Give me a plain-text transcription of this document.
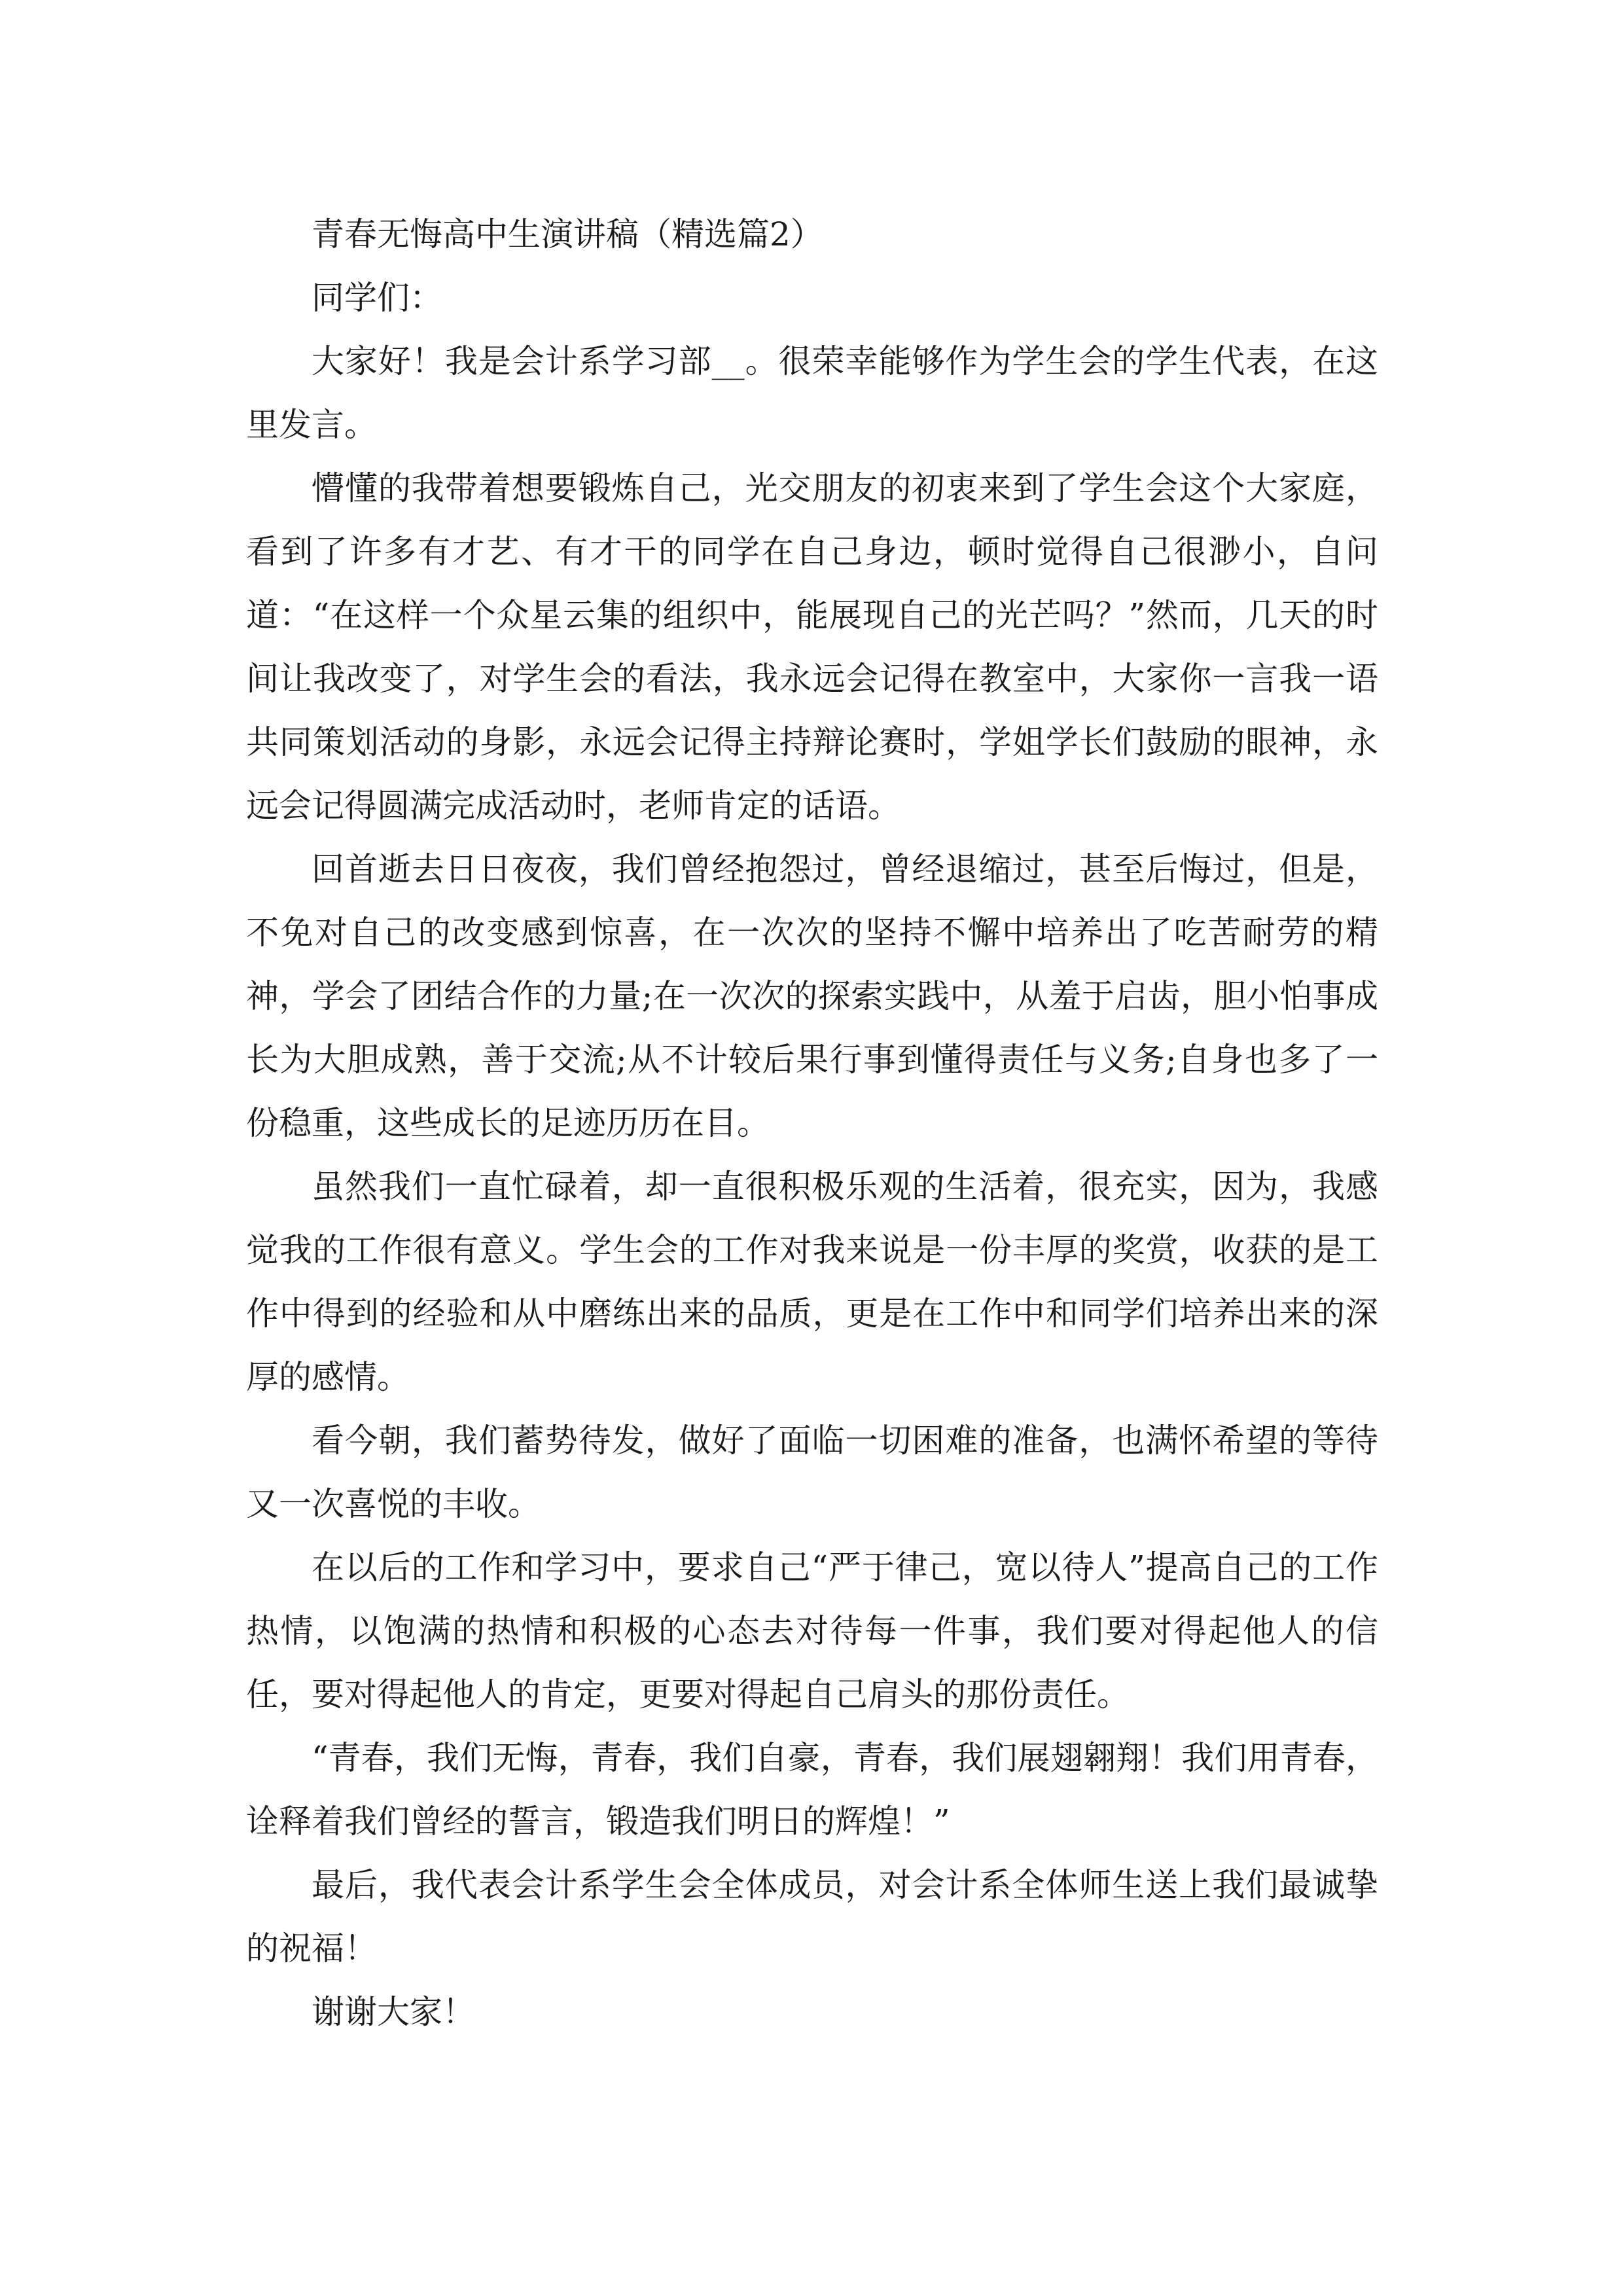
青春无悔高中生演讲稿（精选篇2）

同学们：

大家好！我是会计系学习部__。很荣幸能够作为学生会的学生代表，在这里发言。

懵懂的我带着想要锻炼自己，光交朋友的初衷来到了学生会这个大家庭，看到了许多有才艺、有才干的同学在自己身边，顿时觉得自己很渺小，自问道：“在这样一个众星云集的组织中，能展现自己的光芒吗？”然而，几天的时间让我改变了，对学生会的看法，我永远会记得在教室中，大家你一言我一语共同策划活动的身影，永远会记得主持辩论赛时，学姐学长们鼓励的眼神，永远会记得圆满完成活动时，老师肯定的话语。

回首逝去日日夜夜，我们曾经抱怨过，曾经退缩过，甚至后悔过，但是，不免对自己的改变感到惊喜，在一次次的坚持不懈中培养出了吃苦耐劳的精神，学会了团结合作的力量;在一次次的探索实践中，从羞于启齿，胆小怕事成长为大胆成熟，善于交流;从不计较后果行事到懂得责任与义务;自身也多了一份稳重，这些成长的足迹历历在目。

虽然我们一直忙碌着，却一直很积极乐观的生活着，很充实，因为，我感觉我的工作很有意义。学生会的工作对我来说是一份丰厚的奖赏，收获的是工作中得到的经验和从中磨练出来的品质，更是在工作中和同学们培养出来的深厚的感情。

看今朝，我们蓄势待发，做好了面临一切困难的准备，也满怀希望的等待又一次喜悦的丰收。

在以后的工作和学习中，要求自己“严于律己，宽以待人”提高自己的工作热情，以饱满的热情和积极的心态去对待每一件事，我们要对得起他人的信任，要对得起他人的肯定，更要对得起自己肩头的那份责任。

“青春，我们无悔，青春，我们自豪，青春，我们展翅翱翔！我们用青春，诠释着我们曾经的誓言，锻造我们明日的辉煌！”

最后，我代表会计系学生会全体成员，对会计系全体师生送上我们最诚挚的祝福！

谢谢大家！
